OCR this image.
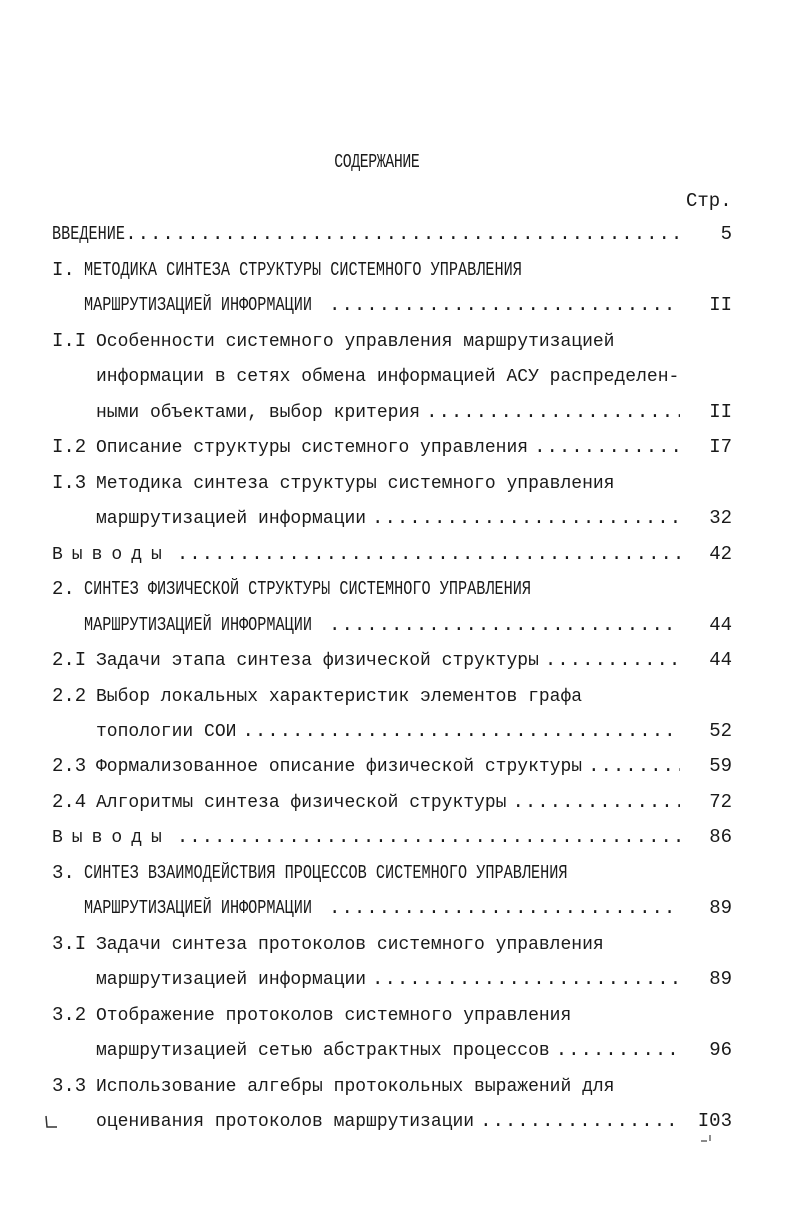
СОДЕРЖАНИЕ
Стр.
ВВЕДЕНИЕ .....	5
I. МЕТОДИКА СИНТЕЗА СТРУКТУРЫ СИСТЕМНОГО УПРАВЛЕНИЯ
МАРШРУТИЗАЦИЕЙ ИНФОРМАЦИИ .....	II
I.I Особенности системного управления маршрутизацией
информации в сетях обмена информацией АСУ распределен-
ными объектами, выбор критерия .....	II
I.2 Описание структуры системного управления .....	I7
I.3 Методика синтеза структуры системного управления
маршрутизацией информации .....	32
Выводы .....	42
2. СИНТЕЗ ФИЗИЧЕСКОЙ СТРУКТУРЫ СИСТЕМНОГО УПРАВЛЕНИЯ
МАРШРУТИЗАЦИЕЙ ИНФОРМАЦИИ .....	44
2.I Задачи этапа синтеза физической структуры .....	44
2.2 Выбор локальных характеристик элементов графа
топологии СОИ .....	52
2.3 Формализованное описание физической структуры .....	59
2.4 Алгоритмы синтеза физической структуры .....	72
Выводы .....	86
3. СИНТЕЗ ВЗАИМОДЕЙСТВИЯ ПРОЦЕССОВ СИСТЕМНОГО УПРАВЛЕНИЯ
МАРШРУТИЗАЦИЕЙ ИНФОРМАЦИИ .....	89
3.I Задачи синтеза протоколов системного управления
маршрутизацией информации .....	89
3.2 Отображение протоколов системного управления
маршрутизацией сетью абстрактных процессов .....	96
3.3 Использование алгебры протокольных выражений для
оценивания протоколов маршрутизации .....	I03
